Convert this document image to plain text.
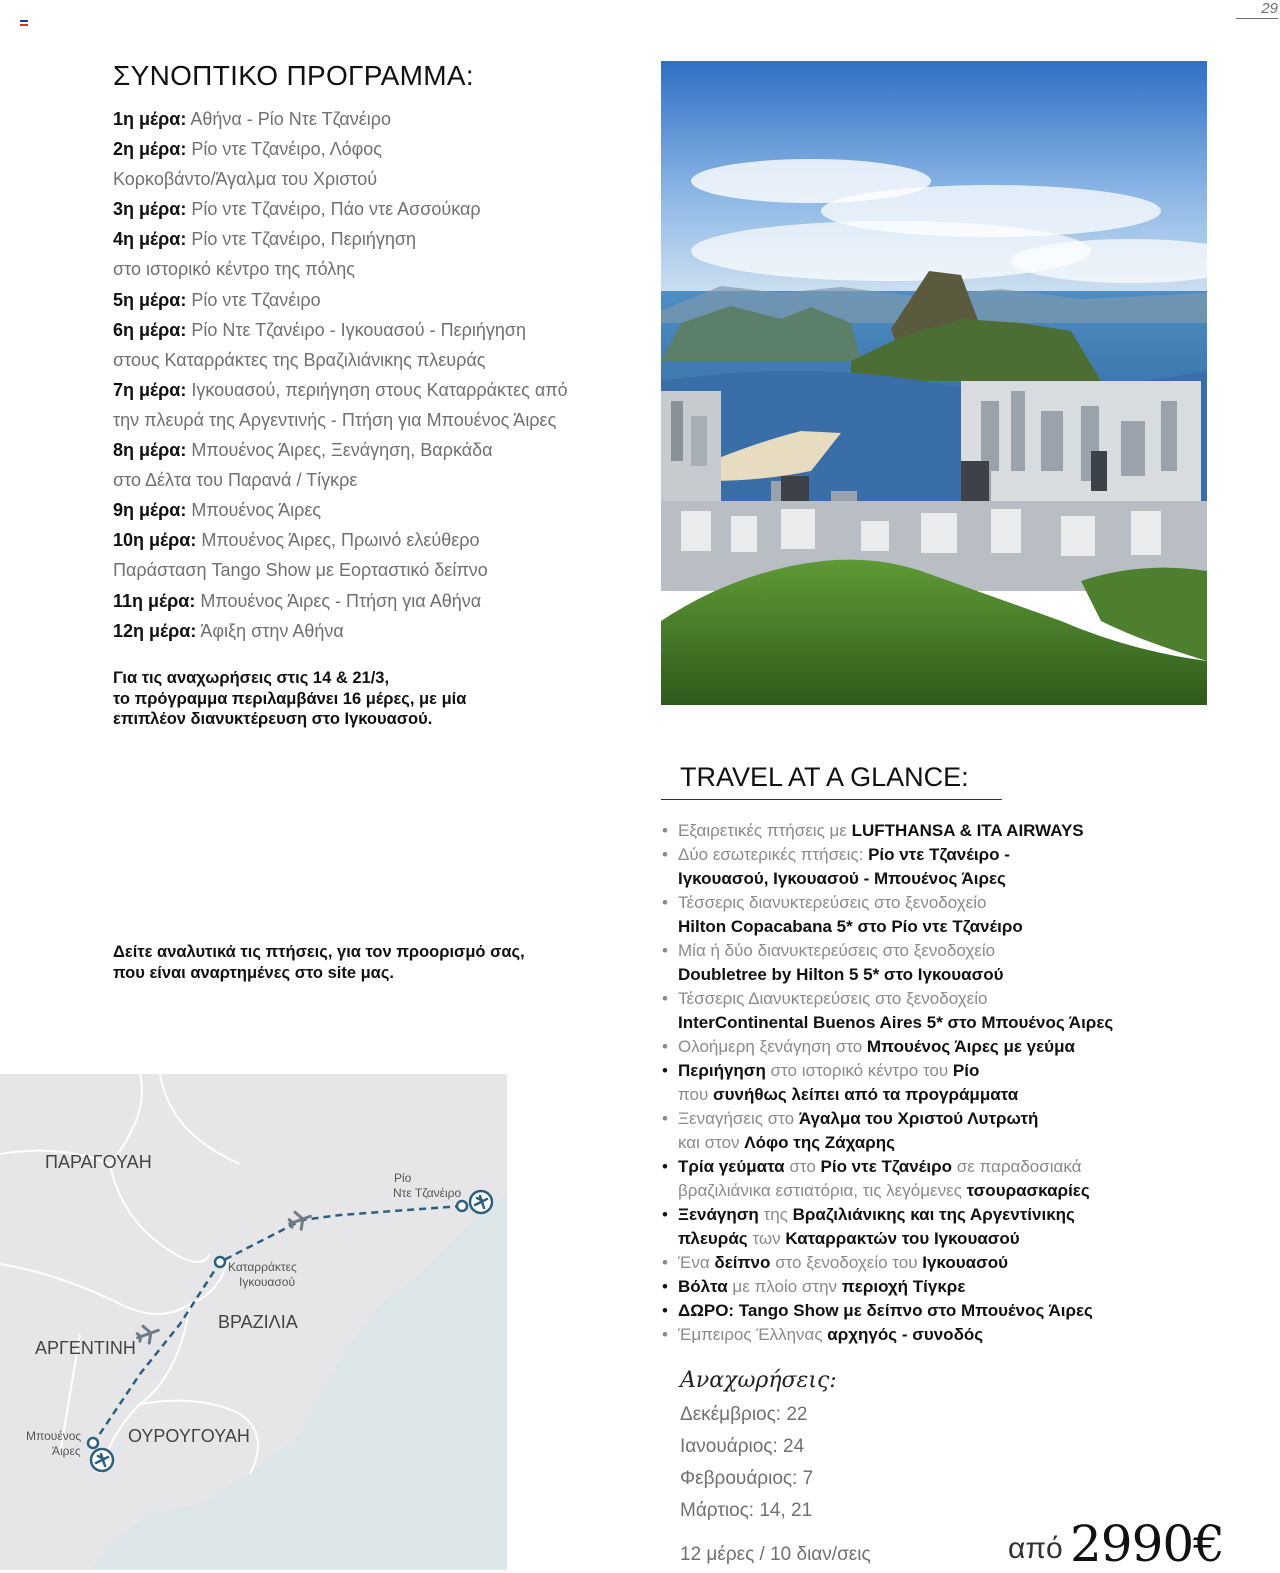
29
ΣΥΝΟΠΤΙΚΟ ΠΡΟΓΡΑΜΜΑ:
1η μέρα: Αθήνα - Ρίο Ντε Τζανέιρο
2η μέρα: Ρίο ντε Τζανέιρο, Λόφος
Κορκοβάντο/Άγαλμα του Χριστού
3η μέρα: Ρίο ντε Τζανέιρο, Πάο ντε Ασσούκαρ
4η μέρα: Ρίο ντε Τζανέιρο, Περιήγηση
στο ιστορικό κέντρο της πόλης
5η μέρα: Ρίο ντε Τζανέιρο
6η μέρα: Ρίο Ντε Τζανέιρο - Ιγκουασού - Περιήγηση
στους Καταρράκτες της Βραζιλιάνικης πλευράς
7η μέρα: Ιγκουασού, περιήγηση στους Καταρράκτες από
την πλευρά της Αργεντινής - Πτήση για Μπουένος Άιρες
8η μέρα: Μπουένος Άιρες, Ξενάγηση, Βαρκάδα
στο Δέλτα του Παρανά / Τίγκρε
9η μέρα: Μπουένος Άιρες
10η μέρα: Μπουένος Άιρες, Πρωινό ελεύθερο
Παράσταση Tango Show με Εορταστικό δείπνο
11η μέρα: Μπουένος Άιρες - Πτήση για Αθήνα
12η μέρα: Άφιξη στην Αθήνα
Για τις αναχωρήσεις στις 14 & 21/3,
το πρόγραμμα περιλαμβάνει 16 μέρες, με μία
επιπλέον διανυκτέρευση στο Ιγκουασού.
Δείτε αναλυτικά τις πτήσεις, για τον προορισμό σας,
που είναι αναρτημένες στο site μας.
TRAVEL AT A GLANCE:
• Εξαιρετικές πτήσεις με LUFTHANSA & ITA AIRWAYS
• Δύο εσωτερικές πτήσεις: Ρίο ντε Τζανέιρο -
Ιγκουασού, Ιγκουασού - Μπουένος Άιρες
• Τέσσερις διανυκτερεύσεις στο ξενοδοχείο
Hilton Copacabana 5* στο Ρίο ντε Τζανέιρο
• Μία ή δύο διανυκτερεύσεις στο ξενοδοχείο
Doubletree by Hilton 5 5* στο Ιγκουασού
• Τέσσερις Διανυκτερεύσεις στο ξενοδοχείο
InterContinental Buenos Aires 5* στο Μπουένος Άιρες
• Ολοήμερη ξενάγηση στο Μπουένος Άιρες με γεύμα
• Περιήγηση στο ιστορικό κέντρο του Ρίο
που συνήθως λείπει από τα προγράμματα
• Ξεναγήσεις στο Άγαλμα του Χριστού Λυτρωτή
και στον Λόφο της Ζάχαρης
• Τρία γεύματα στο Ρίο ντε Τζανέιρο σε παραδοσιακά
βραζιλιάνικα εστιατόρια, τις λεγόμενες τσουρασκαρίες
• Ξενάγηση της Βραζιλιάνικης και της Αργεντίνικης
πλευράς των Καταρρακτών του Ιγκουασού
• Ένα δείπνο στο ξενοδοχείο του Ιγκουασού
• Βόλτα με πλοίο στην περιοχή Τίγκρε
• ΔΩΡΟ: Tango Show με δείπνο στο Μπουένος Άιρες
• Έμπειρος Έλληνας αρχηγός - συνοδός
Αναχωρήσεις:
Δεκέμβριος: 22
Ιανουάριος: 24
Φεβρουάριος: 7
Μάρτιος: 14, 21
12 μέρες / 10 διαν/σεις	από 2990€
ΠΑΡΑΓΟΥΑΗ
ΑΡΓΕΝΤΙΝΗ
ΒΡΑΖΙΛΙΑ
ΟΥΡΟΥΓΟΥΑΗ
Ρίο
Ντε Τζανέιρο
Καταρράκτες
Ιγκουασού
Μπουένος
Άιρες
